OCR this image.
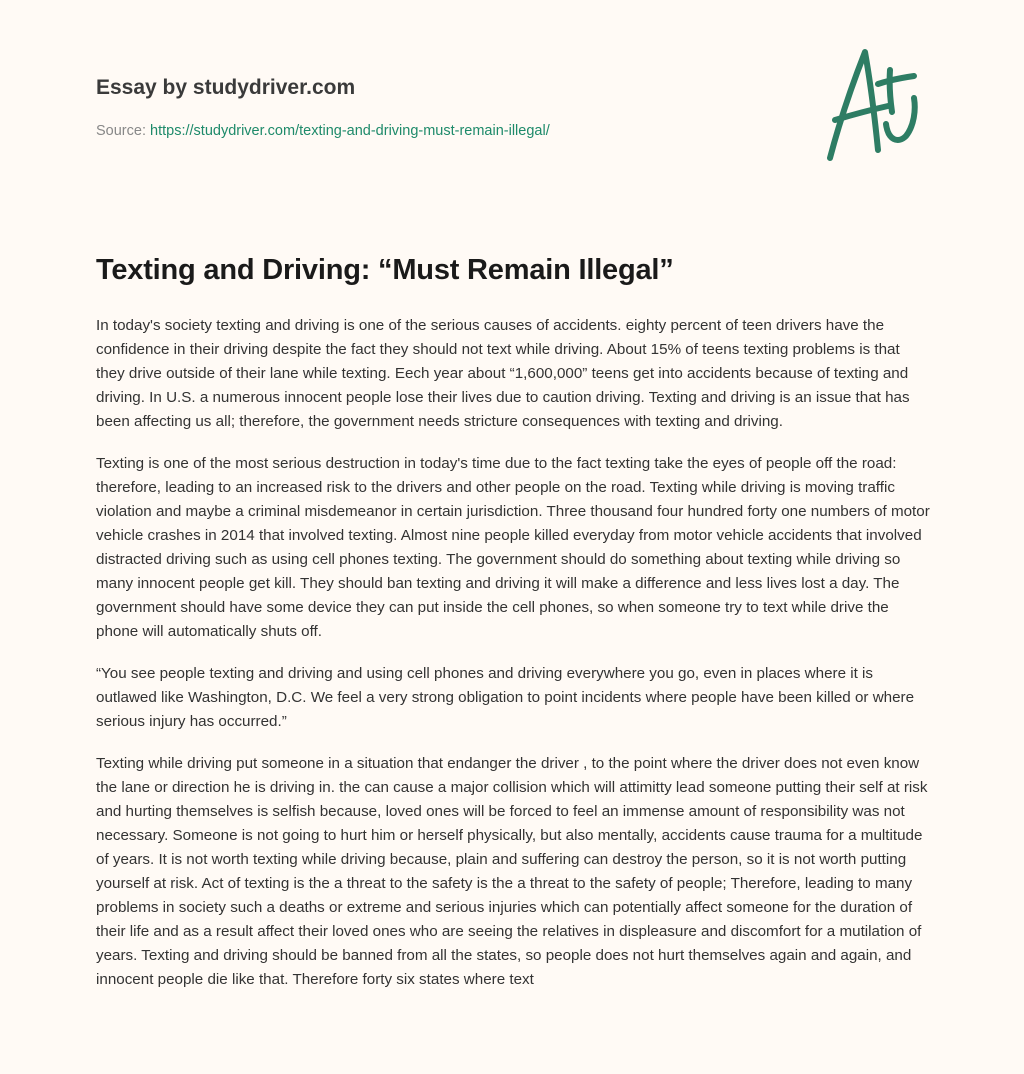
Essay by studydriver.com
Source: https://studydriver.com/texting-and-driving-must-remain-illegal/
Texting and Driving: “Must Remain Illegal”

In today's society texting and driving is one of the serious causes of accidents. eighty percent of teen drivers have the confidence in their driving despite the fact they should not text while driving. About 15% of teens texting problems is that they drive outside of their lane while texting. Eech year about “1,600,000” teens get into accidents because of texting and driving. In U.S. a numerous innocent people lose their lives due to caution driving. Texting and driving is an issue that has been affecting us all; therefore, the government needs stricture consequences with texting and driving.

Texting is one of the most serious destruction in today's time due to the fact texting take the eyes of people off the road: therefore, leading to an increased risk to the drivers and other people on the road. Texting while driving is moving traffic violation and maybe a criminal misdemeanor in certain jurisdiction. Three thousand four hundred forty one numbers of motor vehicle crashes in 2014 that involved texting. Almost nine people killed everyday from motor vehicle accidents that involved distracted driving such as using cell phones texting. The government should do something about texting while driving so many innocent people get kill. They should ban texting and driving it will make a difference and less lives lost a day. The government should have some device they can put inside the cell phones, so when someone try to text while drive the phone will automatically shuts off.

“You see people texting and driving and using cell phones and driving everywhere you go, even in places where it is outlawed like Washington, D.C. We feel a very strong obligation to point incidents where people have been killed or where serious injury has occurred.”

Texting while driving put someone in a situation that endanger the driver , to the point where the driver does not even know the lane or direction he is driving in. the can cause a major collision which will attimitty lead someone putting their self at risk and hurting themselves is selfish because, loved ones will be forced to feel an immense amount of responsibility was not necessary. Someone is not going to hurt him or herself physically, but also mentally, accidents cause trauma for a multitude of years. It is not worth texting while driving because, plain and suffering can destroy the person, so it is not worth putting yourself at risk. Act of texting is the a threat to the safety is the a threat to the safety of people; Therefore, leading to many problems in society such a deaths or extreme and serious injuries which can potentially affect someone for the duration of their life and as a result affect their loved ones who are seeing the relatives in displeasure and discomfort for a mutilation of years. Texting and driving should be banned from all the states, so people does not hurt themselves again and again, and innocent people die like that. Therefore forty six states where text
